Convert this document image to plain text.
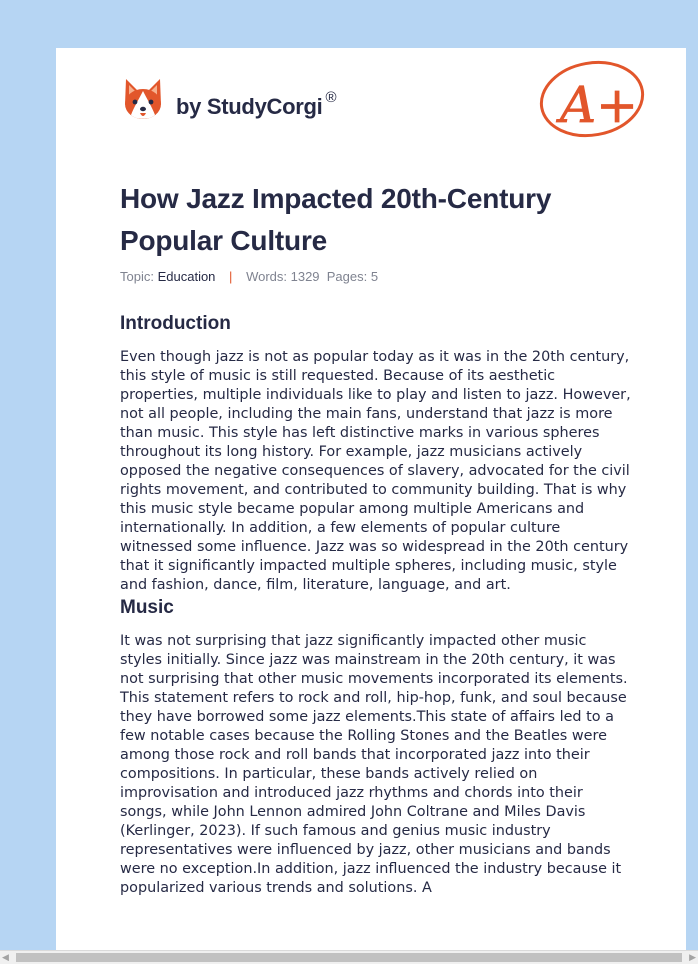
by StudyCorgi ®	A+
How Jazz Impacted 20th-Century Popular Culture
Topic: Education | Words: 1329 Pages: 5
Introduction

Even though jazz is not as popular today as it was in the 20th century, this style of music is still requested. Because of its aesthetic properties, multiple individuals like to play and listen to jazz. However, not all people, including the main fans, understand that jazz is more than music. This style has left distinctive marks in various spheres throughout its long history. For example, jazz musicians actively opposed the negative consequences of slavery, advocated for the civil rights movement, and contributed to community building. That is why this music style became popular among multiple Americans and internationally. In addition, a few elements of popular culture witnessed some influence. Jazz was so widespread in the 20th century that it significantly impacted multiple spheres, including music, style and fashion, dance, film, literature, language, and art.

Music

It was not surprising that jazz significantly impacted other music styles initially. Since jazz was mainstream in the 20th century, it was not surprising that other music movements incorporated its elements. This statement refers to rock and roll, hip-hop, funk, and soul because they have borrowed some jazz elements.This state of affairs led to a few notable cases because the Rolling Stones and the Beatles were among those rock and roll bands that incorporated jazz into their compositions. In particular, these bands actively relied on improvisation and introduced jazz rhythms and chords into their songs, while John Lennon admired John Coltrane and Miles Davis (Kerlinger, 2023). If such famous and genius music industry representatives were influenced by jazz, other musicians and bands were no exception.In addition, jazz influenced the industry because it popularized various trends and solutions. A

◀	▶
